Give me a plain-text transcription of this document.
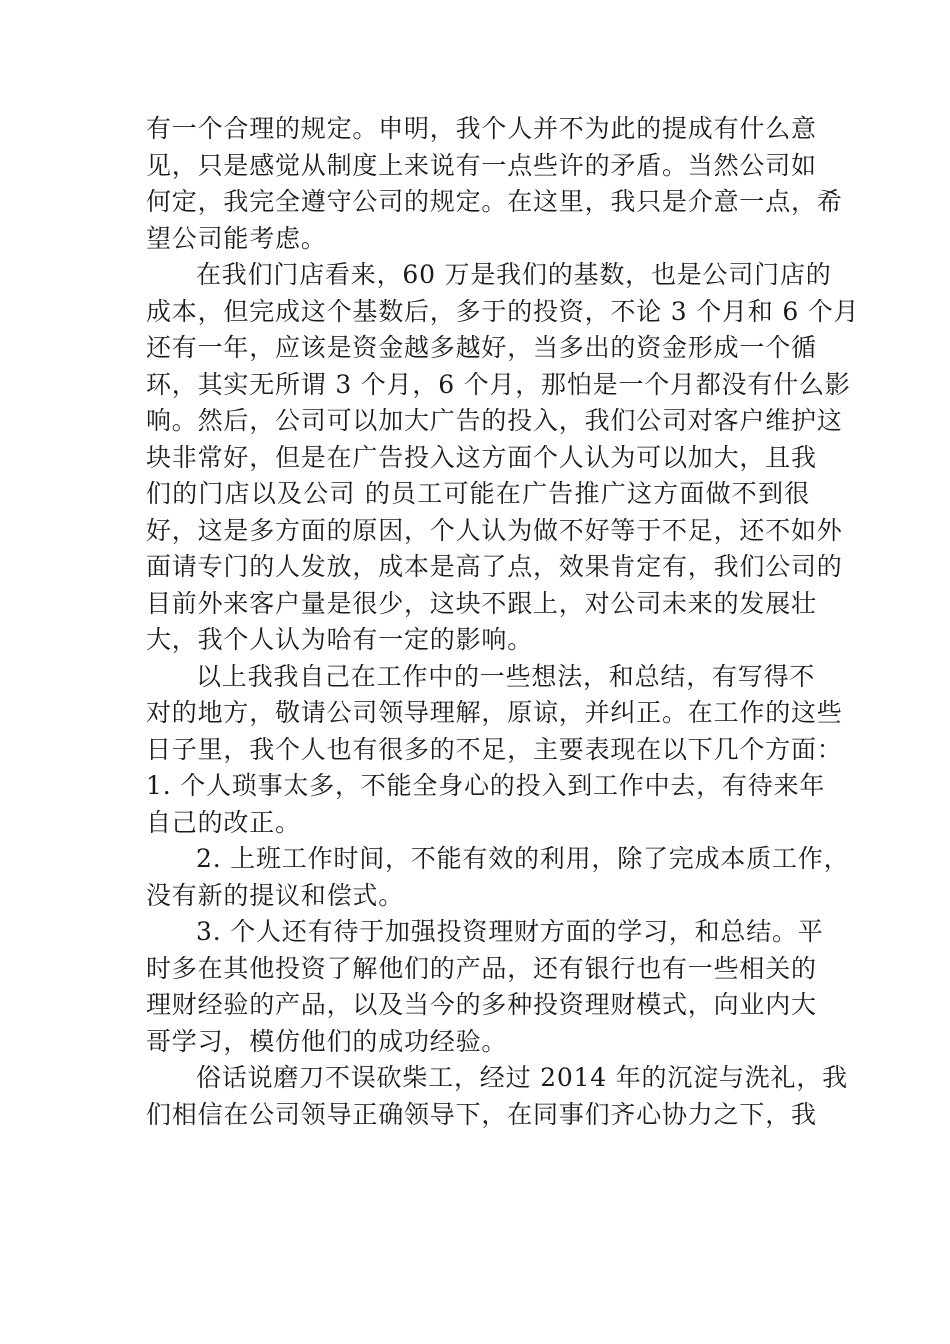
有一个合理的规定。申明，我个人并不为此的提成有什么意
见，只是感觉从制度上来说有一点些许的矛盾。当然公司如
何定，我完全遵守公司的规定。在这里，我只是介意一点，希
望公司能考虑。
在我们门店看来，60 万是我们的基数，也是公司门店的
成本，但完成这个基数后，多于的投资，不论 3 个月和 6 个月
还有一年，应该是资金越多越好，当多出的资金形成一个循
环，其实无所谓 3 个月，6 个月，那怕是一个月都没有什么影
响。然后，公司可以加大广告的投入，我们公司对客户维护这
块非常好，但是在广告投入这方面个人认为可以加大，且我
们的门店以及公司 的员工可能在广告推广这方面做不到很
好，这是多方面的原因，个人认为做不好等于不足，还不如外
面请专门的人发放，成本是高了点，效果肯定有，我们公司的
目前外来客户量是很少，这块不跟上，对公司未来的发展壮
大，我个人认为哈有一定的影响。
以上我我自己在工作中的一些想法，和总结，有写得不
对的地方，敬请公司领导理解，原谅，并纠正。在工作的这些
日子里，我个人也有很多的不足，主要表现在以下几个方面：
1. 个人琐事太多，不能全身心的投入到工作中去，有待来年
自己的改正。
2. 上班工作时间，不能有效的利用，除了完成本质工作，
没有新的提议和偿式。
3. 个人还有待于加强投资理财方面的学习，和总结。平
时多在其他投资了解他们的产品，还有银行也有一些相关的
理财经验的产品，以及当今的多种投资理财模式，向业内大
哥学习，模仿他们的成功经验。
俗话说磨刀不误砍柴工，经过 2014 年的沉淀与洗礼，我
们相信在公司领导正确领导下，在同事们齐心协力之下，我
